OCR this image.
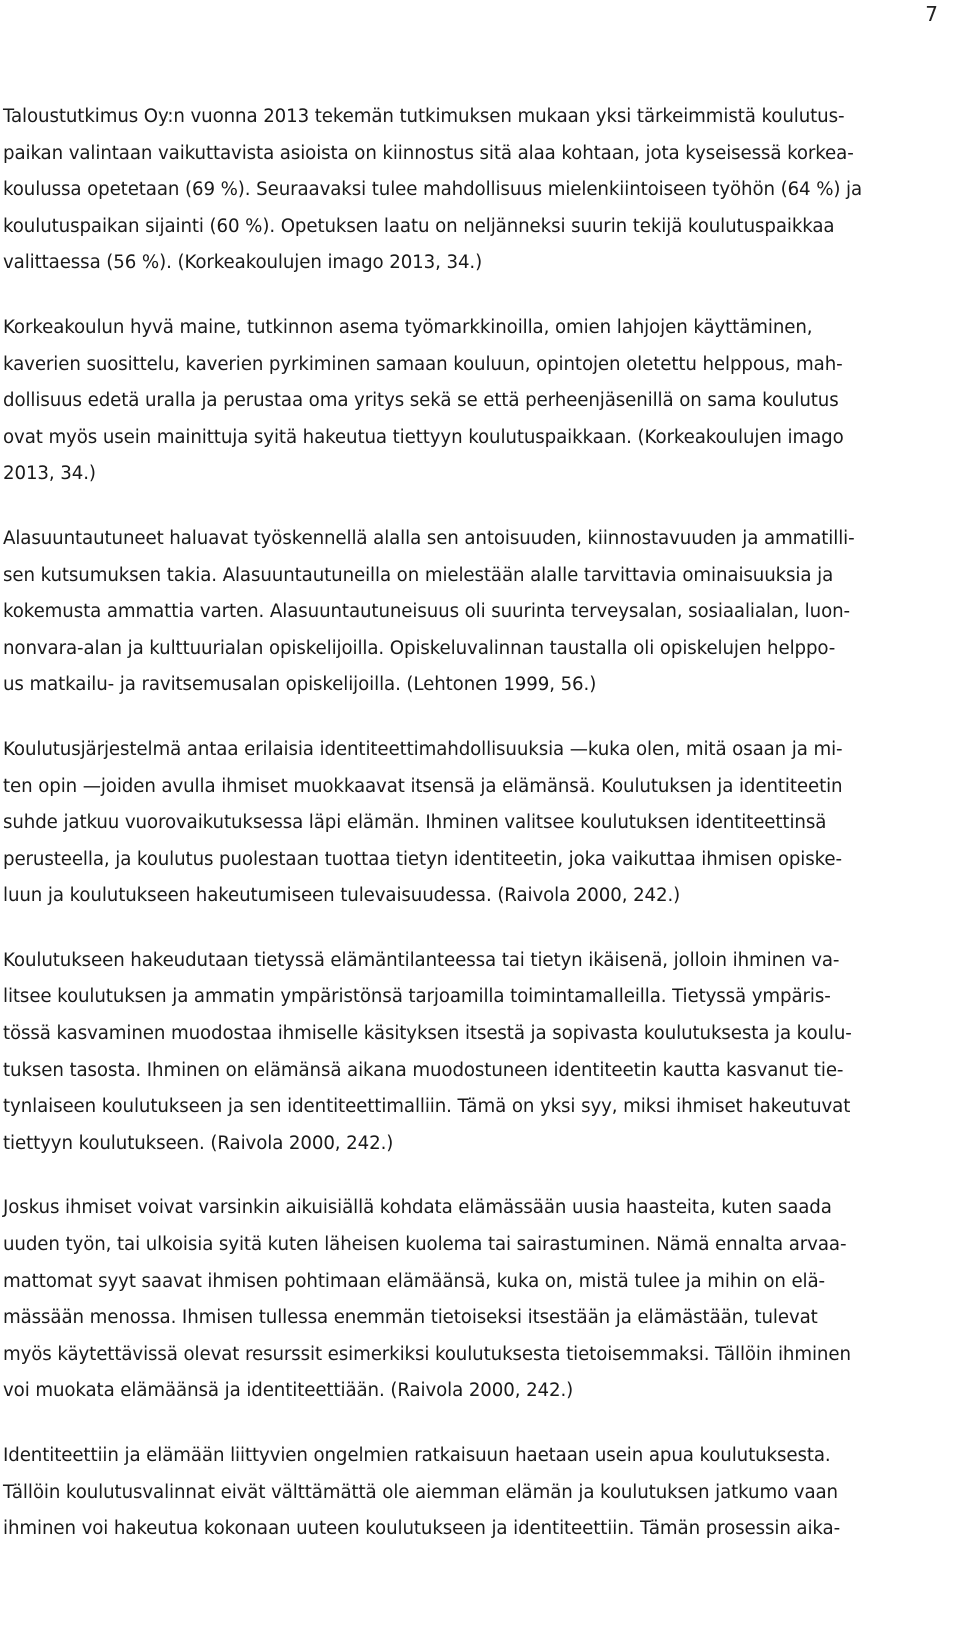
7

Taloustutkimus Oy:n vuonna 2013 tekemän tutkimuksen mukaan yksi tärkeimmistä koulutus-
paikan valintaan vaikuttavista asioista on kiinnostus sitä alaa kohtaan, jota kyseisessä korkea-
koulussa opetetaan (69 %). Seuraavaksi tulee mahdollisuus mielenkiintoiseen työhön (64 %) ja
koulutuspaikan sijainti (60 %). Opetuksen laatu on neljänneksi suurin tekijä koulutuspaikkaa
valittaessa (56 %). (Korkeakoulujen imago 2013, 34.)

Korkeakoulun hyvä maine, tutkinnon asema työmarkkinoilla, omien lahjojen käyttäminen,
kaverien suosittelu, kaverien pyrkiminen samaan kouluun, opintojen oletettu helppous, mah-
dollisuus edetä uralla ja perustaa oma yritys sekä se että perheenjäsenillä on sama koulutus
ovat myös usein mainittuja syitä hakeutua tiettyyn koulutuspaikkaan. (Korkeakoulujen imago
2013, 34.)

Alasuuntautuneet haluavat työskennellä alalla sen antoisuuden, kiinnostavuuden ja ammatilli-
sen kutsumuksen takia. Alasuuntautuneilla on mielestään alalle tarvittavia ominaisuuksia ja
kokemusta ammattia varten. Alasuuntautuneisuus oli suurinta terveysalan, sosiaalialan, luon-
nonvara-alan ja kulttuurialan opiskelijoilla. Opiskeluvalinnan taustalla oli opiskelujen helppo-
us matkailu- ja ravitsemusalan opiskelijoilla. (Lehtonen 1999, 56.)

Koulutusjärjestelmä antaa erilaisia identiteettimahdollisuuksia —kuka olen, mitä osaan ja mi-
ten opin —joiden avulla ihmiset muokkaavat itsensä ja elämänsä. Koulutuksen ja identiteetin
suhde jatkuu vuorovaikutuksessa läpi elämän. Ihminen valitsee koulutuksen identiteettinsä
perusteella, ja koulutus puolestaan tuottaa tietyn identiteetin, joka vaikuttaa ihmisen opiske-
luun ja koulutukseen hakeutumiseen tulevaisuudessa. (Raivola 2000, 242.)

Koulutukseen hakeudutaan tietyssä elämäntilanteessa tai tietyn ikäisenä, jolloin ihminen va-
litsee koulutuksen ja ammatin ympäristönsä tarjoamilla toimintamalleilla. Tietyssä ympäris-
tössä kasvaminen muodostaa ihmiselle käsityksen itsestä ja sopivasta koulutuksesta ja koulu-
tuksen tasosta. Ihminen on elämänsä aikana muodostuneen identiteetin kautta kasvanut tie-
tynlaiseen koulutukseen ja sen identiteettimalliin. Tämä on yksi syy, miksi ihmiset hakeutuvat
tiettyyn koulutukseen. (Raivola 2000, 242.)

Joskus ihmiset voivat varsinkin aikuisiällä kohdata elämässään uusia haasteita, kuten saada
uuden työn, tai ulkoisia syitä kuten läheisen kuolema tai sairastuminen. Nämä ennalta arvaa-
mattomat syyt saavat ihmisen pohtimaan elämäänsä, kuka on, mistä tulee ja mihin on elä-
mässään menossa. Ihmisen tullessa enemmän tietoiseksi itsestään ja elämästään, tulevat
myös käytettävissä olevat resurssit esimerkiksi koulutuksesta tietoisemmaksi. Tällöin ihminen
voi muokata elämäänsä ja identiteettiään. (Raivola 2000, 242.)

Identiteettiin ja elämään liittyvien ongelmien ratkaisuun haetaan usein apua koulutuksesta.
Tällöin koulutusvalinnat eivät välttämättä ole aiemman elämän ja koulutuksen jatkumo vaan
ihminen voi hakeutua kokonaan uuteen koulutukseen ja identiteettiin. Tämän prosessin aika-
